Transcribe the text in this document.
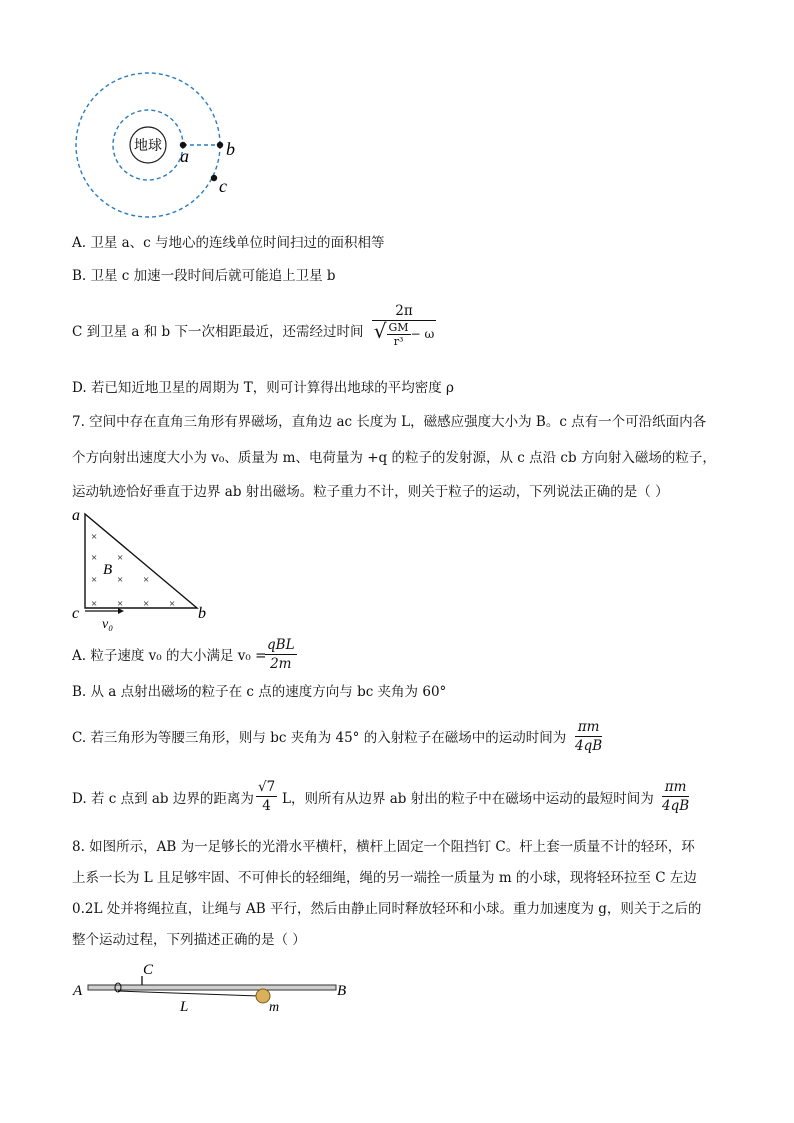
地球 a b
c
A. 卫星 a、c 与地心的连线单位时间扫过的面积相等
B. 卫星 c 加速一段时间后就可能追上卫星 b
C 到卫星 a 和 b 下一次相距最近，还需经过时间
2π
√ $\frac{GM}{\text{r³}} - \omega$
D. 若已知近地卫星的周期为 T，则可计算得出地球的平均密度 ρ
7. 空间中存在直角三角形有界磁场，直角边 ac 长度为 L，磁感应强度大小为 B。c 点有一个可沿纸面内各
个方向射出速度大小为 v₀、质量为 m、电荷量为 +q 的粒子的发射源，从 c 点沿 cb 方向射入磁场的粒子，
运动轨迹恰好垂直于边界 ab 射出磁场。粒子重力不计，则关于粒子的运动，下列说法正确的是（ ）
a
c	b
B
×
× ×
× × ×
× × × ×
v₀
A. 粒子速度 v₀ 的大小满足 v₀ =
qBL
2m
B. 从 a 点射出磁场的粒子在 c 点的速度方向与 bc 夹角为 60°
C. 若三角形为等腰三角形，则与 bc 夹角为 45° 的入射粒子在磁场中的运动时间为 $\frac{\pi m}{4qB}$
D. 若 c 点到 ab 边界的距离为 $\frac{√7}{4}$ L，则所有从边界 ab 射出的粒子中在磁场中运动的最短时间为 $\frac{\pi m}{4qB}$
8. 如图所示，AB 为一足够长的光滑水平横杆，横杆上固定一个阻挡钉 C。杆上套一质量不计的轻环，环
上系一长为 L 且足够牢固、不可伸长的轻细绳，绳的另一端拴一质量为 m 的小球，现将轻环拉至 C 左边
0.2L 处并将绳拉直，让绳与 AB 平行，然后由静止同时释放轻环和小球。重力加速度为 g，则关于之后的
整个运动过程，下列描述正确的是（ ）
A	B
C
L	m
